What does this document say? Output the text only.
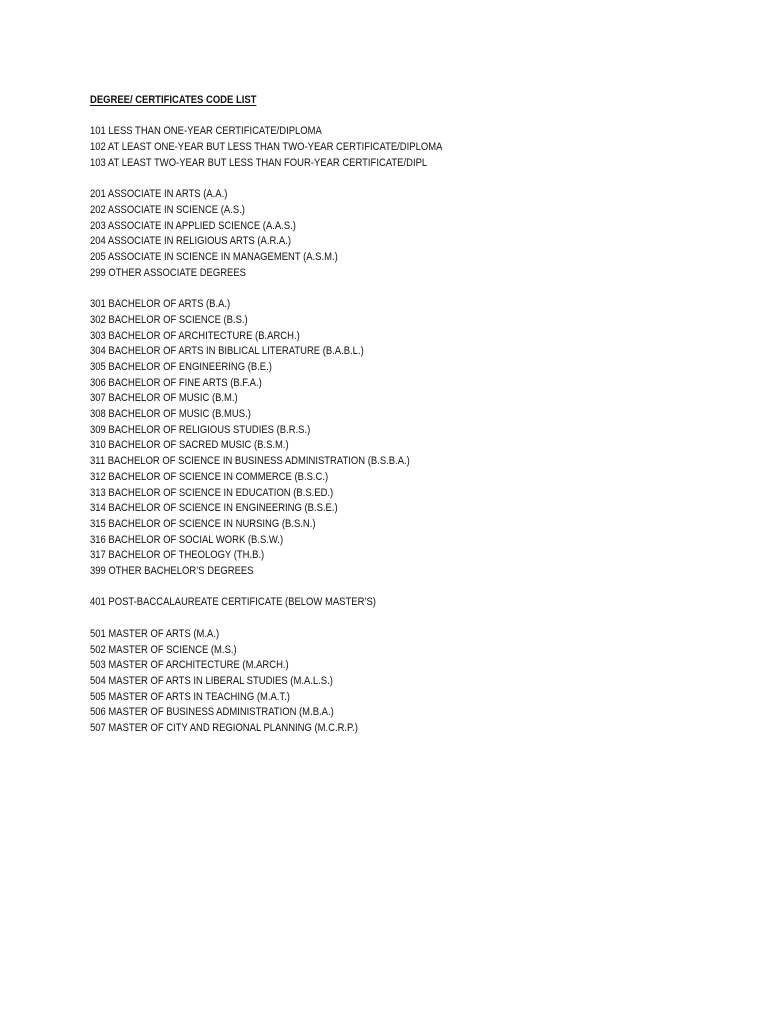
DEGREE/ CERTIFICATES CODE LIST
101 LESS THAN ONE-YEAR CERTIFICATE/DIPLOMA
102 AT LEAST ONE-YEAR BUT LESS THAN TWO-YEAR CERTIFICATE/DIPLOMA
103 AT LEAST TWO-YEAR BUT LESS THAN FOUR-YEAR CERTIFICATE/DIPL
201 ASSOCIATE IN ARTS (A.A.)
202 ASSOCIATE IN SCIENCE (A.S.)
203 ASSOCIATE IN APPLIED SCIENCE (A.A.S.)
204 ASSOCIATE IN RELIGIOUS ARTS (A.R.A.)
205 ASSOCIATE IN SCIENCE IN MANAGEMENT (A.S.M.)
299 OTHER ASSOCIATE DEGREES
301 BACHELOR OF ARTS (B.A.)
302 BACHELOR OF SCIENCE (B.S.)
303 BACHELOR OF ARCHITECTURE (B.ARCH.)
304 BACHELOR OF ARTS IN BIBLICAL LITERATURE (B.A.B.L.)
305 BACHELOR OF ENGINEERING (B.E.)
306 BACHELOR OF FINE ARTS (B.F.A.)
307 BACHELOR OF MUSIC (B.M.)
308 BACHELOR OF MUSIC (B.MUS.)
309 BACHELOR OF RELIGIOUS STUDIES (B.R.S.)
310 BACHELOR OF SACRED MUSIC (B.S.M.)
311 BACHELOR OF SCIENCE IN BUSINESS ADMINISTRATION (B.S.B.A.)
312 BACHELOR OF SCIENCE IN COMMERCE (B.S.C.)
313 BACHELOR OF SCIENCE IN EDUCATION (B.S.ED.)
314 BACHELOR OF SCIENCE IN ENGINEERING (B.S.E.)
315 BACHELOR OF SCIENCE IN NURSING (B.S.N.)
316 BACHELOR OF SOCIAL WORK (B.S.W.)
317 BACHELOR OF THEOLOGY (TH.B.)
399 OTHER BACHELOR’S DEGREES
401 POST-BACCALAUREATE CERTIFICATE (BELOW MASTER’S)
501 MASTER OF ARTS (M.A.)
502 MASTER OF SCIENCE (M.S.)
503 MASTER OF ARCHITECTURE (M.ARCH.)
504 MASTER OF ARTS IN LIBERAL STUDIES (M.A.L.S.)
505 MASTER OF ARTS IN TEACHING (M.A.T.)
506 MASTER OF BUSINESS ADMINISTRATION (M.B.A.)
507 MASTER OF CITY AND REGIONAL PLANNING (M.C.R.P.)
